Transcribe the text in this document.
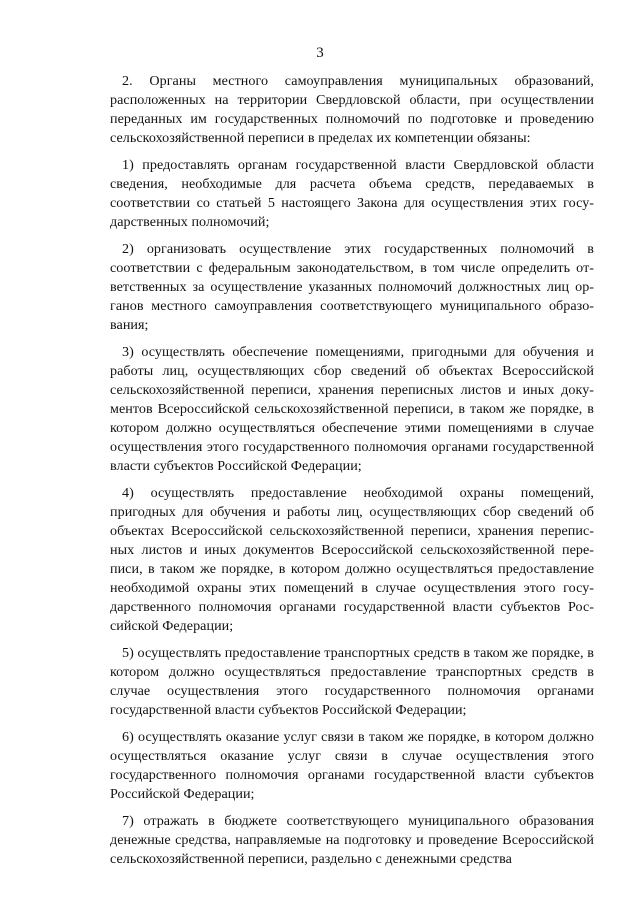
3

2. Органы местного самоуправления муниципальных образований, расположенных на территории Свердловской области, при осуществлении переданных им государственных полномочий по подготовке и проведению сельскохозяйственной переписи в пределах их компетенции обязаны:

1) предоставлять органам государственной власти Свердловской области сведения, необходимые для расчета объема средств, передаваемых в соответствии со статьей 5 настоящего Закона для осуществления этих государственных полномочий;

2) организовать осуществление этих государственных полномочий в соответствии с федеральным законодательством, в том числе определить ответственных за осуществление указанных полномочий должностных лиц органов местного самоуправления соответствующего муниципального образования;

3) осуществлять обеспечение помещениями, пригодными для обучения и работы лиц, осуществляющих сбор сведений об объектах Всероссийской сельскохозяйственной переписи, хранения переписных листов и иных документов Всероссийской сельскохозяйственной переписи, в таком же порядке, в котором должно осуществляться обеспечение этими помещениями в случае осуществления этого государственного полномочия органами государственной власти субъектов Российской Федерации;

4) осуществлять предоставление необходимой охраны помещений, пригодных для обучения и работы лиц, осуществляющих сбор сведений об объектах Всероссийской сельскохозяйственной переписи, хранения переписных листов и иных документов Всероссийской сельскохозяйственной переписи, в таком же порядке, в котором должно осуществляться предоставление необходимой охраны этих помещений в случае осуществления этого государственного полномочия органами государственной власти субъектов Российской Федерации;

5) осуществлять предоставление транспортных средств в таком же порядке, в котором должно осуществляться предоставление транспортных средств в случае осуществления этого государственного полномочия органами государственной власти субъектов Российской Федерации;

6) осуществлять оказание услуг связи в таком же порядке, в котором должно осуществляться оказание услуг связи в случае осуществления этого государственного полномочия органами государственной власти субъектов Российской Федерации;

7) отражать в бюджете соответствующего муниципального образования денежные средства, направляемые на подготовку и проведение Всероссийской сельскохозяйственной переписи, раздельно с денежными средства
